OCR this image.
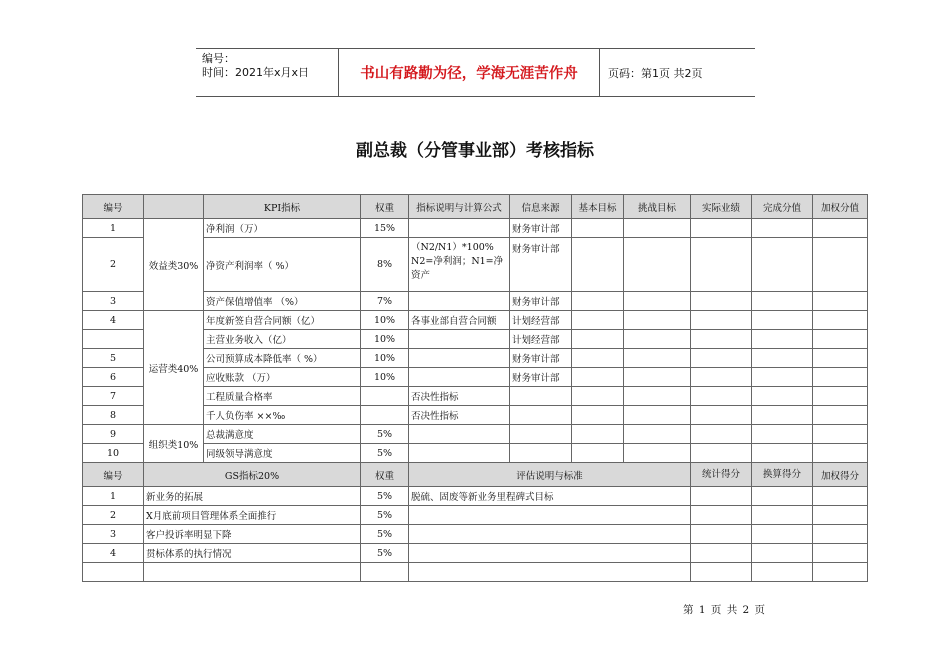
编号：
时间：2021年x月x日	书山有路勤为径，学海无涯苦作舟	页码：第1页 共2页
副总裁（分管事业部）考核指标
编号		KPI指标	权重	指标说明与计算公式	信息来源	基本目标	挑战目标	实际业绩	完成分值	加权分值
1	效益类30%	净利润（万）	15%		财务审计部					
2		净资产利润率（ %）	8%	（N2/N1）*100% N2=净利润；N1=净资产	财务审计部					
3		资产保值增值率 （%）	7%		财务审计部					
4	运营类40%	年度新签自营合同额（亿）	10%	各事业部自营合同额	计划经营部					
		主营业务收入（亿）	10%		计划经营部					
5		公司预算成本降低率（ %）	10%		财务审计部					
6		应收账款 （万）	10%		财务审计部					
7		工程质量合格率		否决性指标						
8		千人负伤率 ××‰		否决性指标						
9	组织类10%	总裁满意度	5%							
10		同级领导满意度	5%							
编号	GS指标20%		权重	评估说明与标准				统计得分	换算得分	加权得分
1	新业务的拓展		5%	脱硫、固废等新业务里程碑式目标						
2	X月底前项目管理体系全面推行		5%							
3	客户投诉率明显下降		5%							
4	贯标体系的执行情况		5%							

第 1 页 共 2 页
